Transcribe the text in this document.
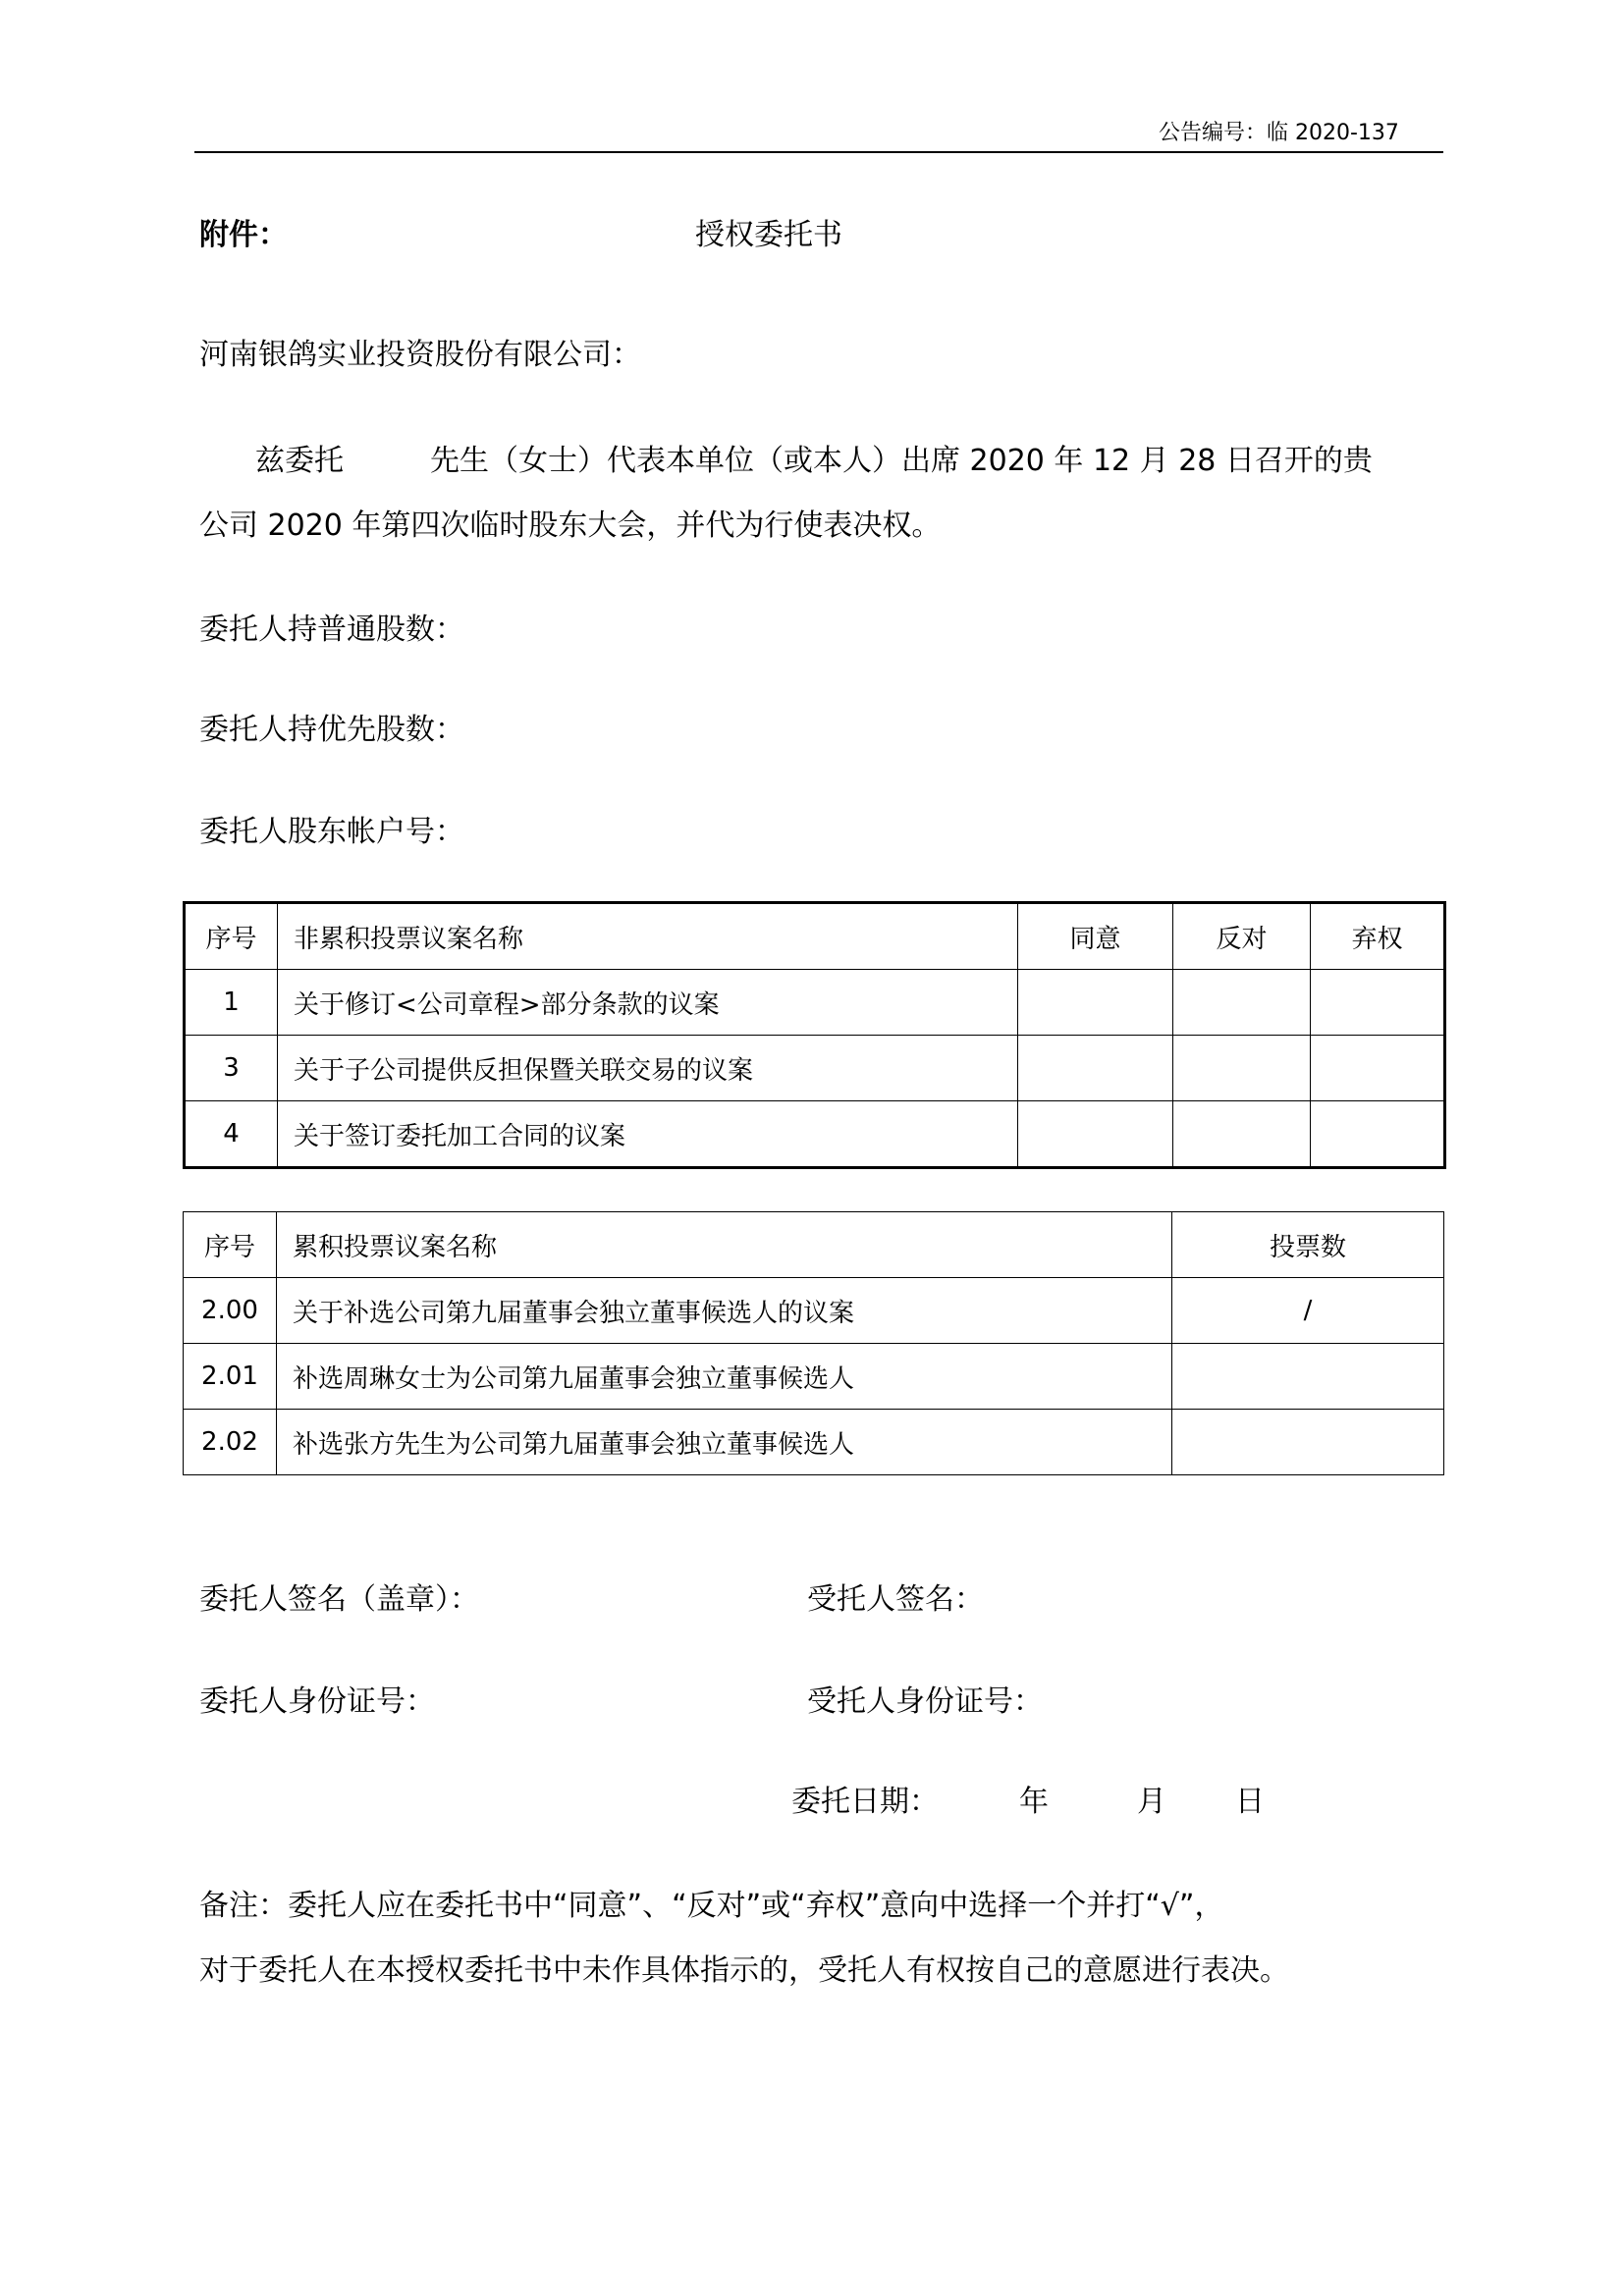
公告编号：临 2020-137
附件：	授权委托书
河南银鸽实业投资股份有限公司：
兹委托	先生（女士）代表本单位（或本人）出席 2020 年 12 月 28 日召开的贵
公司 2020 年第四次临时股东大会，并代为行使表决权。
委托人持普通股数：
委托人持优先股数：
委托人股东帐户号：
序号	非累积投票议案名称	同意	反对	弃权
1	关于修订<公司章程>部分条款的议案			
3	关于子公司提供反担保暨关联交易的议案			
4	关于签订委托加工合同的议案			
序号	累积投票议案名称	投票数
2.00	关于补选公司第九届董事会独立董事候选人的议案	/
2.01	补选周琳女士为公司第九届董事会独立董事候选人	
2.02	补选张方先生为公司第九届董事会独立董事候选人	
委托人签名（盖章）：	受托人签名：
委托人身份证号：	受托人身份证号：
委托日期：	年	月 日
备注：委托人应在委托书中“同意”、“反对”或“弃权”意向中选择一个并打“√”，
对于委托人在本授权委托书中未作具体指示的，受托人有权按自己的意愿进行表决。
